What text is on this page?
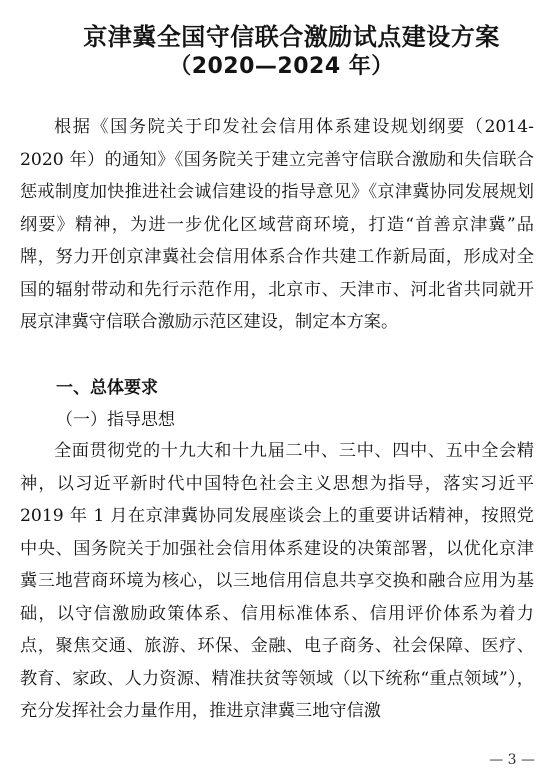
京津冀全国守信联合激励试点建设方案
（2020—2024 年）

根据《国务院关于印发社会信用体系建设规划纲要（2014-2020 年）的通知》《国务院关于建立完善守信联合激励和失信联合惩戒制度加快推进社会诚信建设的指导意见》《京津冀协同发展规划纲要》精神，为进一步优化区域营商环境，打造“首善京津冀”品牌，努力开创京津冀社会信用体系合作共建工作新局面，形成对全国的辐射带动和先行示范作用，北京市、天津市、河北省共同就开展京津冀守信联合激励示范区建设，制定本方案。

一、总体要求
（一）指导思想

全面贯彻党的十九大和十九届二中、三中、四中、五中全会精神，以习近平新时代中国特色社会主义思想为指导，落实习近平 2019 年 1 月在京津冀协同发展座谈会上的重要讲话精神，按照党中央、国务院关于加强社会信用体系建设的决策部署，以优化京津冀三地营商环境为核心，以三地信用信息共享交换和融合应用为基础，以守信激励政策体系、信用标准体系、信用评价体系为着力点，聚焦交通、旅游、环保、金融、电子商务、社会保障、医疗、教育、家政、人力资源、精准扶贫等领域（以下统称“重点领域”），充分发挥社会力量作用，推进京津冀三地守信激

— 3 —
